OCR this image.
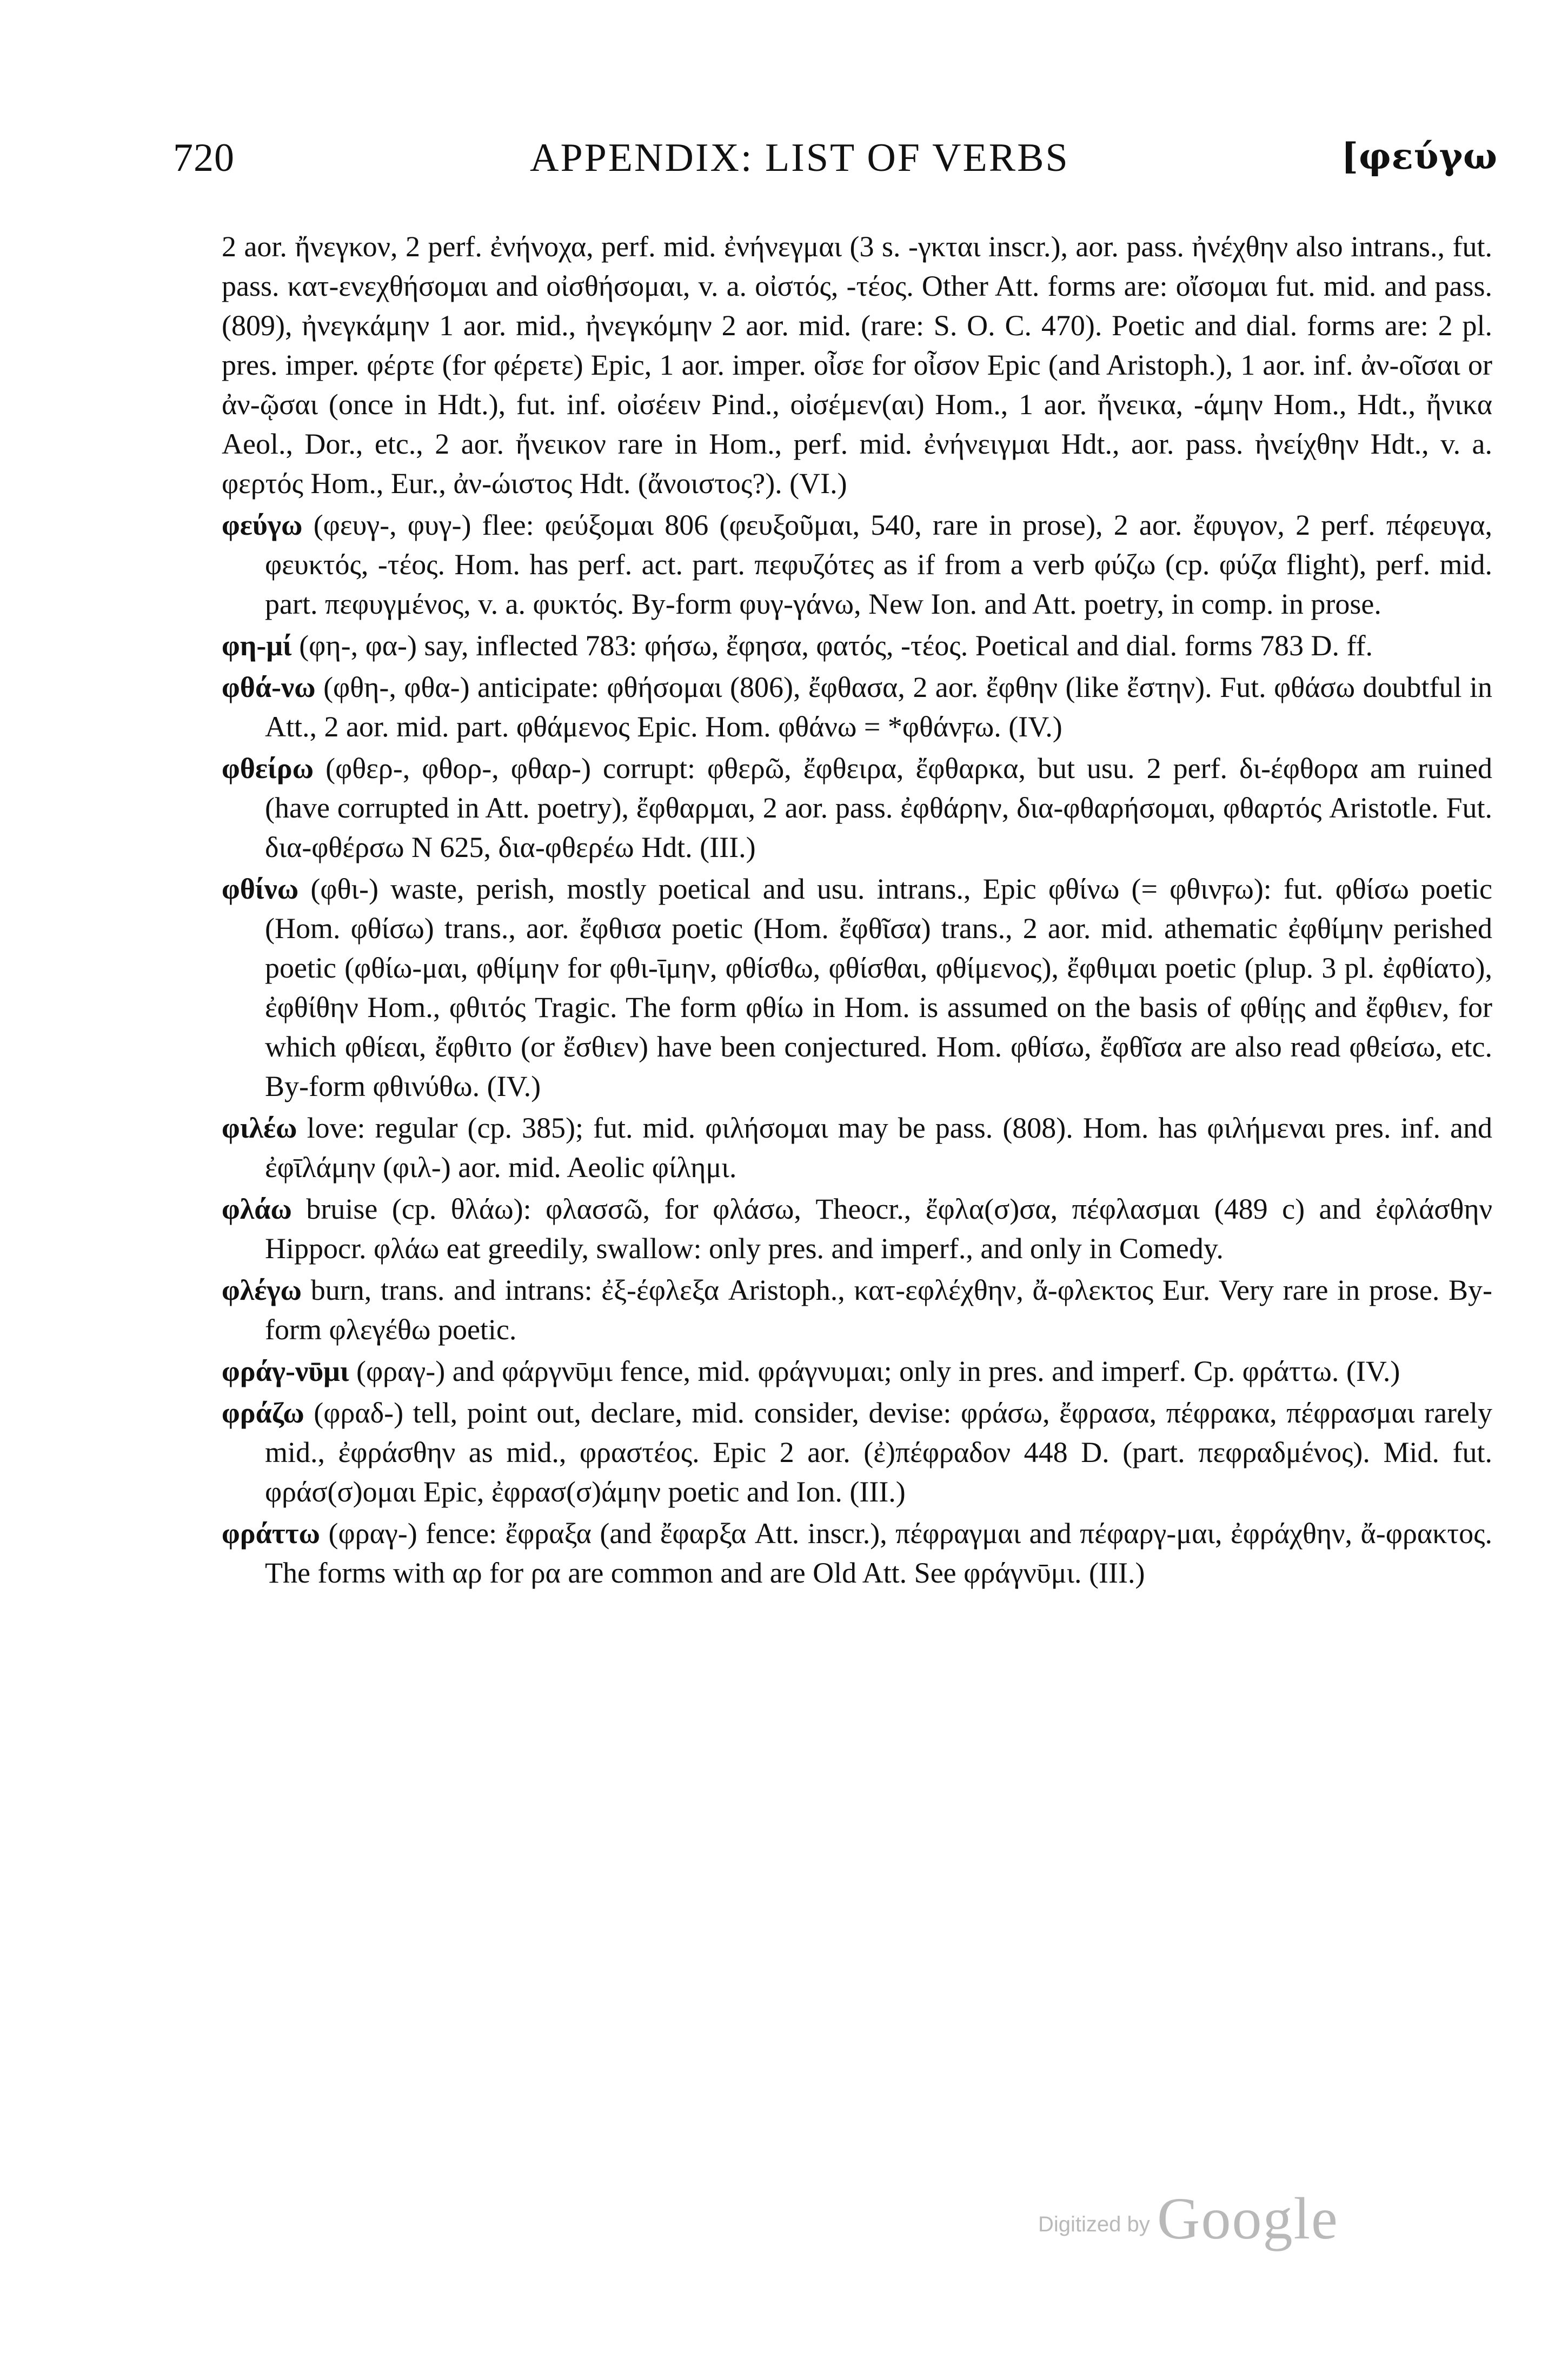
720	APPENDIX: LIST OF VERBS	[φεύγω

2 aor. ἤνεγκον, 2 perf. ἐνήνοχα, perf. mid. ἐνήνεγμαι (3 s. -γκται inscr.), aor. pass. ἠνέχθην also intrans., fut. pass. κατ-ενεχθήσομαι and οἰσθήσομαι, v. a. οἰστός, -τέος. Other Att. forms are: οἴσομαι fut. mid. and pass. (809), ἠνεγκάμην 1 aor. mid., ἠνεγκόμην 2 aor. mid. (rare: S. O. C. 470). Poetic and dial. forms are: 2 pl. pres. imper. φέρτε (for φέρετε) Epic, 1 aor. imper. οἶσε for οἶσον Epic (and Aristoph.), 1 aor. inf. ἀν-οῖσαι or ἀν-ῷσαι (once in Hdt.), fut. inf. οἰσέειν Pind., οἰσέμεν(αι) Hom., 1 aor. ἤνεικα, -άμην Hom., Hdt., ἤνικα Aeol., Dor., etc., 2 aor. ἤνεικον rare in Hom., perf. mid. ἐνήνειγμαι Hdt., aor. pass. ἠνείχθην Hdt., v. a. φερτός Hom., Eur., ἀν-ώιστος Hdt. (ἄνοιστος?). (VI.)

φεύγω (φευγ-, φυγ-) flee: φεύξομαι 806 (φευξοῦμαι, 540, rare in prose), 2 aor. ἔφυγον, 2 perf. πέφευγα, φευκτός, -τέος. Hom. has perf. act. part. πεφυζότες as if from a verb φύζω (cp. φύζα flight), perf. mid. part. πεφυγμένος, v. a. φυκτός. By-form φυγ-γάνω, New Ion. and Att. poetry, in comp. in prose.

φη-μί (φη-, φα-) say, inflected 783: φήσω, ἔφησα, φατός, -τέος. Poetical and dial. forms 783 D. ff.

φθά-νω (φθη-, φθα-) anticipate: φθήσομαι (806), ἔφθασα, 2 aor. ἔφθην (like ἔστην). Fut. φθάσω doubtful in Att., 2 aor. mid. part. φθάμενος Epic. Hom. φθάνω = *φθάνϝω. (IV.)

φθείρω (φθερ-, φθορ-, φθαρ-) corrupt: φθερῶ, ἔφθειρα, ἔφθαρκα, but usu. 2 perf. δι-έφθορα am ruined (have corrupted in Att. poetry), ἔφθαρμαι, 2 aor. pass. ἐφθάρην, δια-φθαρήσομαι, φθαρτός Aristotle. Fut. δια-φθέρσω N 625, δια-φθερέω Hdt. (III.)

φθίνω (φθι-) waste, perish, mostly poetical and usu. intrans., Epic φθίνω (= φθινϝω): fut. φθίσω poetic (Hom. φθίσω) trans., aor. ἔφθισα poetic (Hom. ἔφθῖσα) trans., 2 aor. mid. athematic ἐφθίμην perished poetic (φθίω-μαι, φθίμην for φθι-ῑμην, φθίσθω, φθίσθαι, φθίμενος), ἔφθιμαι poetic (plup. 3 pl. ἐφθίατο), ἐφθίθην Hom., φθιτός Tragic. The form φθίω in Hom. is assumed on the basis of φθίῃς and ἔφθιεν, for which φθίεαι, ἔφθιτο (or ἔσθιεν) have been conjectured. Hom. φθίσω, ἔφθῖσα are also read φθείσω, etc. By-form φθινύθω. (IV.)

φιλέω love: regular (cp. 385); fut. mid. φιλήσομαι may be pass. (808). Hom. has φιλήμεναι pres. inf. and ἐφῑλάμην (φιλ-) aor. mid. Aeolic φίλημι.

φλάω bruise (cp. θλάω): φλασσῶ, for φλάσω, Theocr., ἔφλα(σ)σα, πέφλασμαι (489 c) and ἐφλάσθην Hippocr. φλάω eat greedily, swallow: only pres. and imperf., and only in Comedy.

φλέγω burn, trans. and intrans: ἐξ-έφλεξα Aristoph., κατ-εφλέχθην, ἄ-φλεκτος Eur. Very rare in prose. By-form φλεγέθω poetic.

φράγ-νῡμι (φραγ-) and φάργνῡμι fence, mid. φράγνυμαι; only in pres. and imperf. Cp. φράττω. (IV.)

φράζω (φραδ-) tell, point out, declare, mid. consider, devise: φράσω, ἔφρασα, πέφρακα, πέφρασμαι rarely mid., ἐφράσθην as mid., φραστέος. Epic 2 aor. (ἐ)πέφραδον 448 D. (part. πεφραδμένος). Mid. fut. φράσ(σ)ομαι Epic, ἐφρασ(σ)άμην poetic and Ion. (III.)

φράττω (φραγ-) fence: ἔφραξα (and ἔφαρξα Att. inscr.), πέφραγμαι and πέφαργ-μαι, ἐφράχθην, ἄ-φρακτος. The forms with αρ for ρα are common and are Old Att. See φράγνῡμι. (III.)

Digitized by Google
